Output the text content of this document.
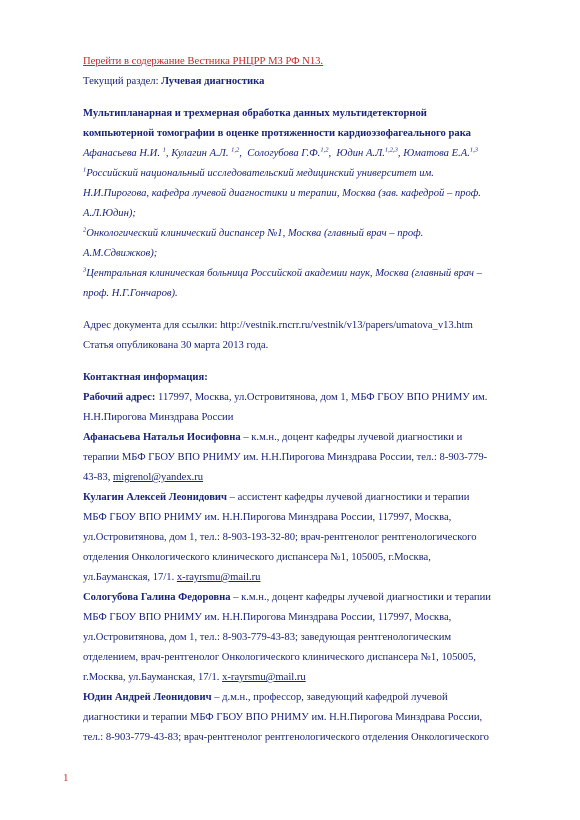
Перейти в содержание Вестника РНЦРР МЗ РФ N13.
Текущий раздел: Лучевая диагностика
Мультипланарная и трехмерная обработка данных мультидетекторной
компьютерной томографии в оценке протяженности кардиоэзофагеального рака
Афанасьева Н.И. $^1$, Кулагин А.Л. $^{1,2}$,  Сологубова Г.Ф.$^{1,2}$,  Юдин А.Л.$^{1,2,3}$, Юматова Е.А.$^{1,3}$
$^1$Российский национальный исследовательский медицинский университет им.
Н.И.Пирогова, кафедра лучевой диагностики и терапии, Москва (зав. кафедрой – проф.
А.Л.Юдин);
$^2$Онкологический клинический диспансер №1, Москва (главный врач – проф.
А.М.Сдвижков);
$^3$Центральная клиническая больница Российской академии наук, Москва (главный врач –
проф. Н.Г.Гончаров).
Адрес документа для ссылки: http://vestnik.rncrr.ru/vestnik/v13/papers/umatova_v13.htm
Статья опубликована 30 марта 2013 года.
Контактная информация:
Рабочий адрес: 117997, Москва, ул.Островитянова, дом 1, МБФ ГБОУ ВПО РНИМУ им.
Н.Н.Пирогова Минздрава России
Афанасьева Наталья Иосифовна – к.м.н., доцент кафедры лучевой диагностики и
терапии МБФ ГБОУ ВПО РНИМУ им. Н.Н.Пирогова Минздрава России, тел.: 8-903-779-
43-83, migrenol@yandex.ru
Кулагин Алексей Леонидович – ассистент кафедры лучевой диагностики и терапии
МБФ ГБОУ ВПО РНИМУ им. Н.Н.Пирогова Минздрава России, 117997, Москва,
ул.Островитянова, дом 1, тел.: 8-903-193-32-80; врач-рентгенолог рентгенологического
отделения Онкологического клинического диспансера №1, 105005, г.Москва,
ул.Бауманская, 17/1. x-rayrsmu@mail.ru
Сологубова Галина Федоровна – к.м.н., доцент кафедры лучевой диагностики и терапии
МБФ ГБОУ ВПО РНИМУ им. Н.Н.Пирогова Минздрава России, 117997, Москва,
ул.Островитянова, дом 1, тел.: 8-903-779-43-83; заведующая рентгенологическим
отделением, врач-рентгенолог Онкологического клинического диспансера №1, 105005,
г.Москва, ул.Бауманская, 17/1. x-rayrsmu@mail.ru
Юдин Андрей Леонидович – д.м.н., профессор, заведующий кафедрой лучевой
диагностики и терапии МБФ ГБОУ ВПО РНИМУ им. Н.Н.Пирогова Минздрава России,
тел.: 8-903-779-43-83; врач-рентгенолог рентгенологического отделения Онкологического
1
